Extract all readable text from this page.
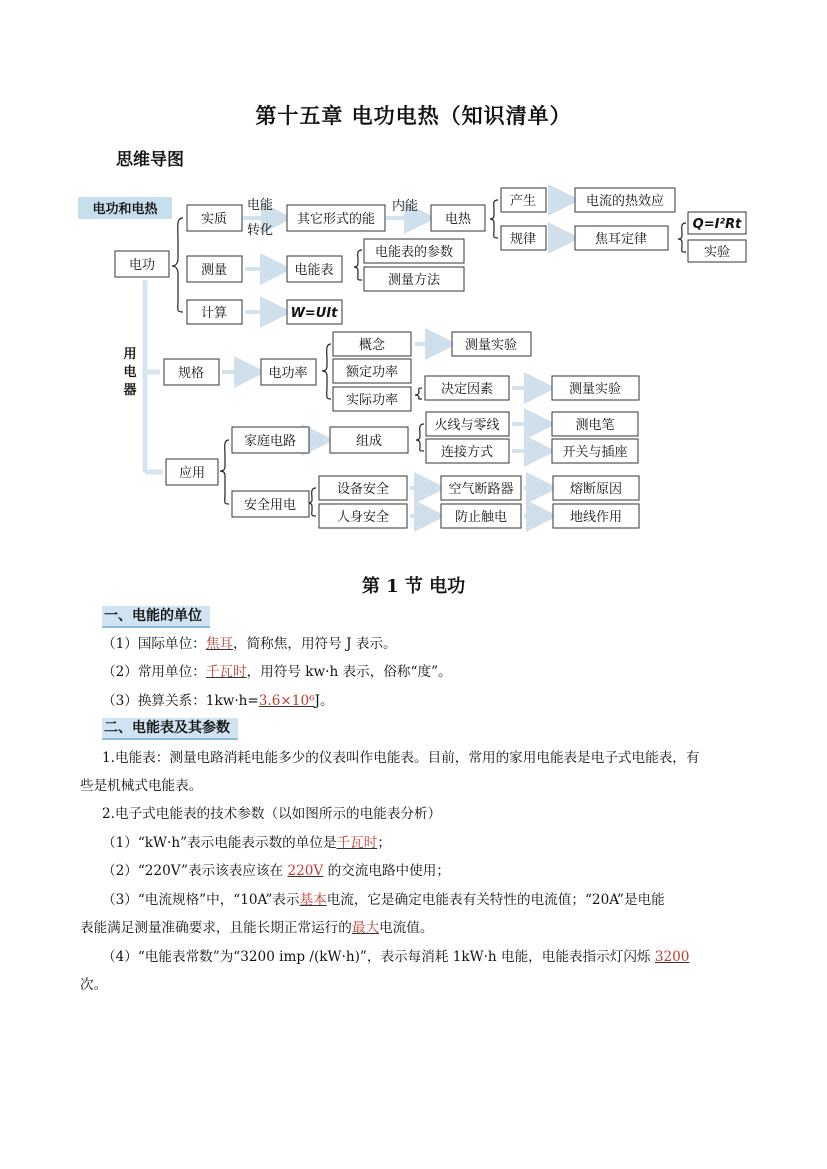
第十五章 电功电热（知识清单）
思维导图
电功和电热
电功
实质
电能
转化
其它形式的能
内能
电热
产生
规律
电流的热效应
焦耳定律
Q=I²Rt
实验
测量	电能表
电能表的参数
测量方法
计算	W=UIt
用
电
器
规格	电功率
概念	测量实验
额定功率
实际功率
决定因素	测量实验
应用
家庭电路	组成
火线与零线	测电笔
连接方式	开关与插座
安全用电
设备安全	空气断路器	熔断原因
人身安全	防止触电	地线作用
第 1 节 电功
一、电能的单位
（1）国际单位：焦耳，简称焦，用符号 J 表示。
（2）常用单位：千瓦时，用符号 kw·h 表示，俗称“度”。
（3）换算关系：1kw·h=3.6×10⁶J。
二、电能表及其参数
1.电能表：测量电路消耗电能多少的仪表叫作电能表。目前，常用的家用电能表是电子式电能表，有
些是机械式电能表。
2.电子式电能表的技术参数（以如图所示的电能表分析）
（1）“kW·h”表示电能表示数的单位是千瓦时；
（2）“220V”表示该表应该在 220V 的交流电路中使用；
（3）“电流规格”中，“10A”表示基本电流，它是确定电能表有关特性的电流值；“20A”是电能
表能满足测量准确要求，且能长期正常运行的最大电流值。
（4）“电能表常数”为“3200 imp /(kW·h)”，表示每消耗 1kW·h 电能，电能表指示灯闪烁 3200
次。
